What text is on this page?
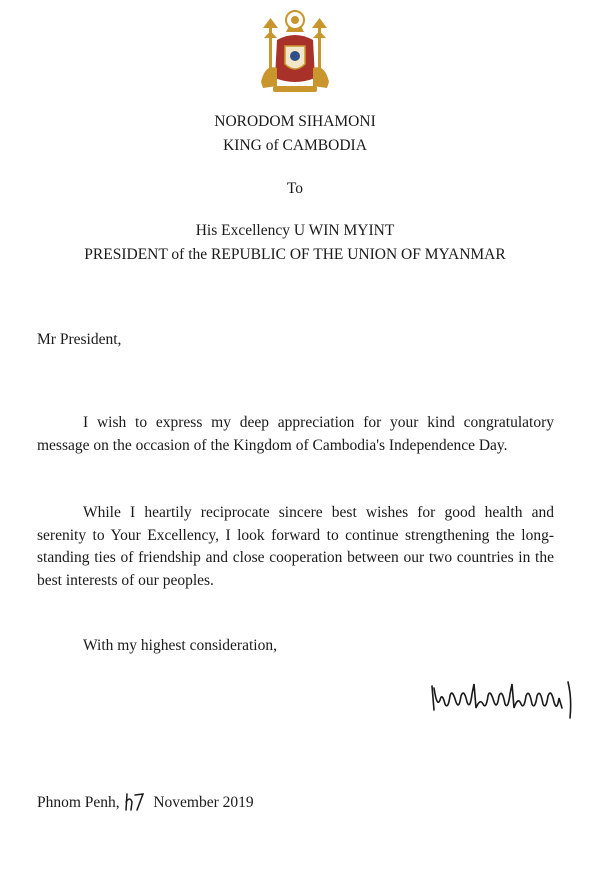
NORODOM SIHAMONI
KING of CAMBODIA
To
His Excellency U WIN MYINT
PRESIDENT of the REPUBLIC OF THE UNION OF MYANMAR
Mr President,

I wish to express my deep appreciation for your kind congratulatory message on the occasion of the Kingdom of Cambodia's Independence Day.

While I heartily reciprocate sincere best wishes for good health and serenity to Your Excellency, I look forward to continue strengthening the long-standing ties of friendship and close cooperation between our two countries in the best interests of our peoples.

With my highest consideration,
Phnom Penh, November 2019
